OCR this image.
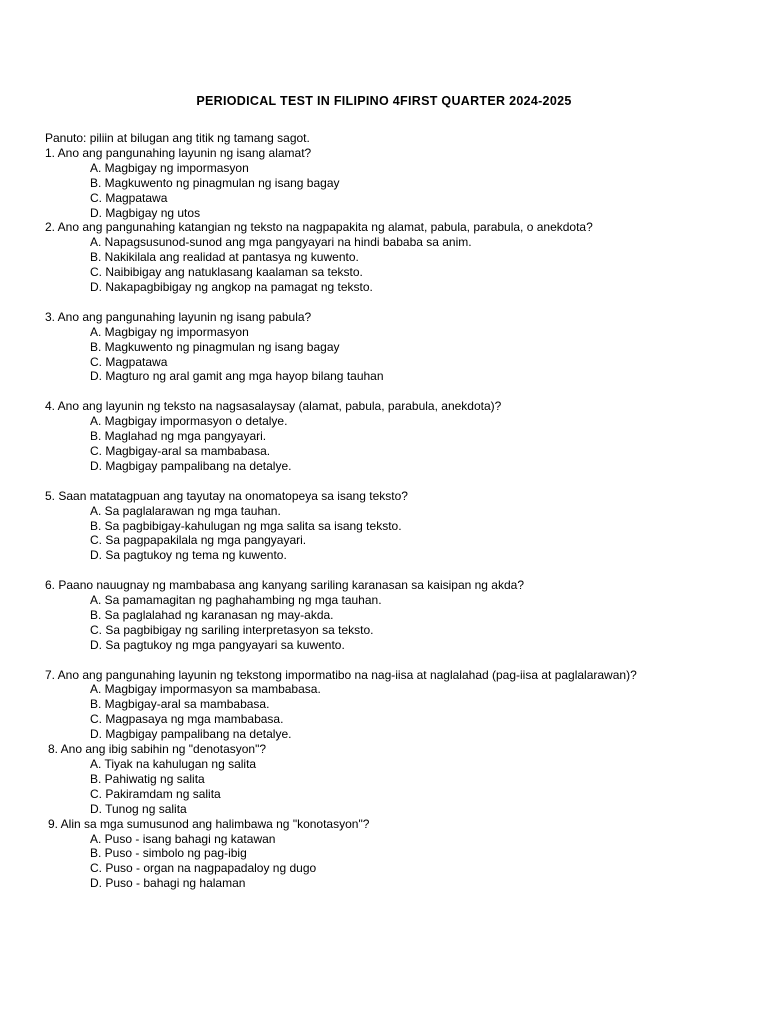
PERIODICAL TEST IN FILIPINO 4FIRST QUARTER 2024-2025

Panuto: piliin at bilugan ang titik ng tamang sagot.

1. Ano ang pangunahing layunin ng isang alamat?

A. Magbigay ng impormasyon

B. Magkuwento ng pinagmulan ng isang bagay

C. Magpatawa

D. Magbigay ng utos

2. Ano ang pangunahing katangian ng teksto na nagpapakita ng alamat, pabula, parabula, o anekdota?

A. Napagsusunod-sunod ang mga pangyayari na hindi bababa sa anim.

B. Nakikilala ang realidad at pantasya ng kuwento.

C. Naibibigay ang natuklasang kaalaman sa teksto.

D. Nakapagbibigay ng angkop na pamagat ng teksto.

3. Ano ang pangunahing layunin ng isang pabula?

A. Magbigay ng impormasyon

B. Magkuwento ng pinagmulan ng isang bagay

C. Magpatawa

D. Magturo ng aral gamit ang mga hayop bilang tauhan

4. Ano ang layunin ng teksto na nagsasalaysay (alamat, pabula, parabula, anekdota)?

A. Magbigay impormasyon o detalye.

B. Maglahad ng mga pangyayari.

C. Magbigay-aral sa mambabasa.

D. Magbigay pampalibang na detalye.

5. Saan matatagpuan ang tayutay na onomatopeya sa isang teksto?

A. Sa paglalarawan ng mga tauhan.

B. Sa pagbibigay-kahulugan ng mga salita sa isang teksto.

C. Sa pagpapakilala ng mga pangyayari.

D. Sa pagtukoy ng tema ng kuwento.

6. Paano nauugnay ng mambabasa ang kanyang sariling karanasan sa kaisipan ng akda?

A. Sa pamamagitan ng paghahambing ng mga tauhan.

B. Sa paglalahad ng karanasan ng may-akda.

C. Sa pagbibigay ng sariling interpretasyon sa teksto.

D. Sa pagtukoy ng mga pangyayari sa kuwento.

7. Ano ang pangunahing layunin ng tekstong impormatibo na nag-iisa at naglalahad (pag-iisa at paglalarawan)?

A. Magbigay impormasyon sa mambabasa.

B. Magbigay-aral sa mambabasa.

C. Magpasaya ng mga mambabasa.

D. Magbigay pampalibang na detalye.

8. Ano ang ibig sabihin ng "denotasyon"?

A. Tiyak na kahulugan ng salita

B. Pahiwatig ng salita

C. Pakiramdam ng salita

D. Tunog ng salita

9. Alin sa mga sumusunod ang halimbawa ng "konotasyon"?

A. Puso - isang bahagi ng katawan

B. Puso - simbolo ng pag-ibig

C. Puso - organ na nagpapadaloy ng dugo

D. Puso - bahagi ng halaman
